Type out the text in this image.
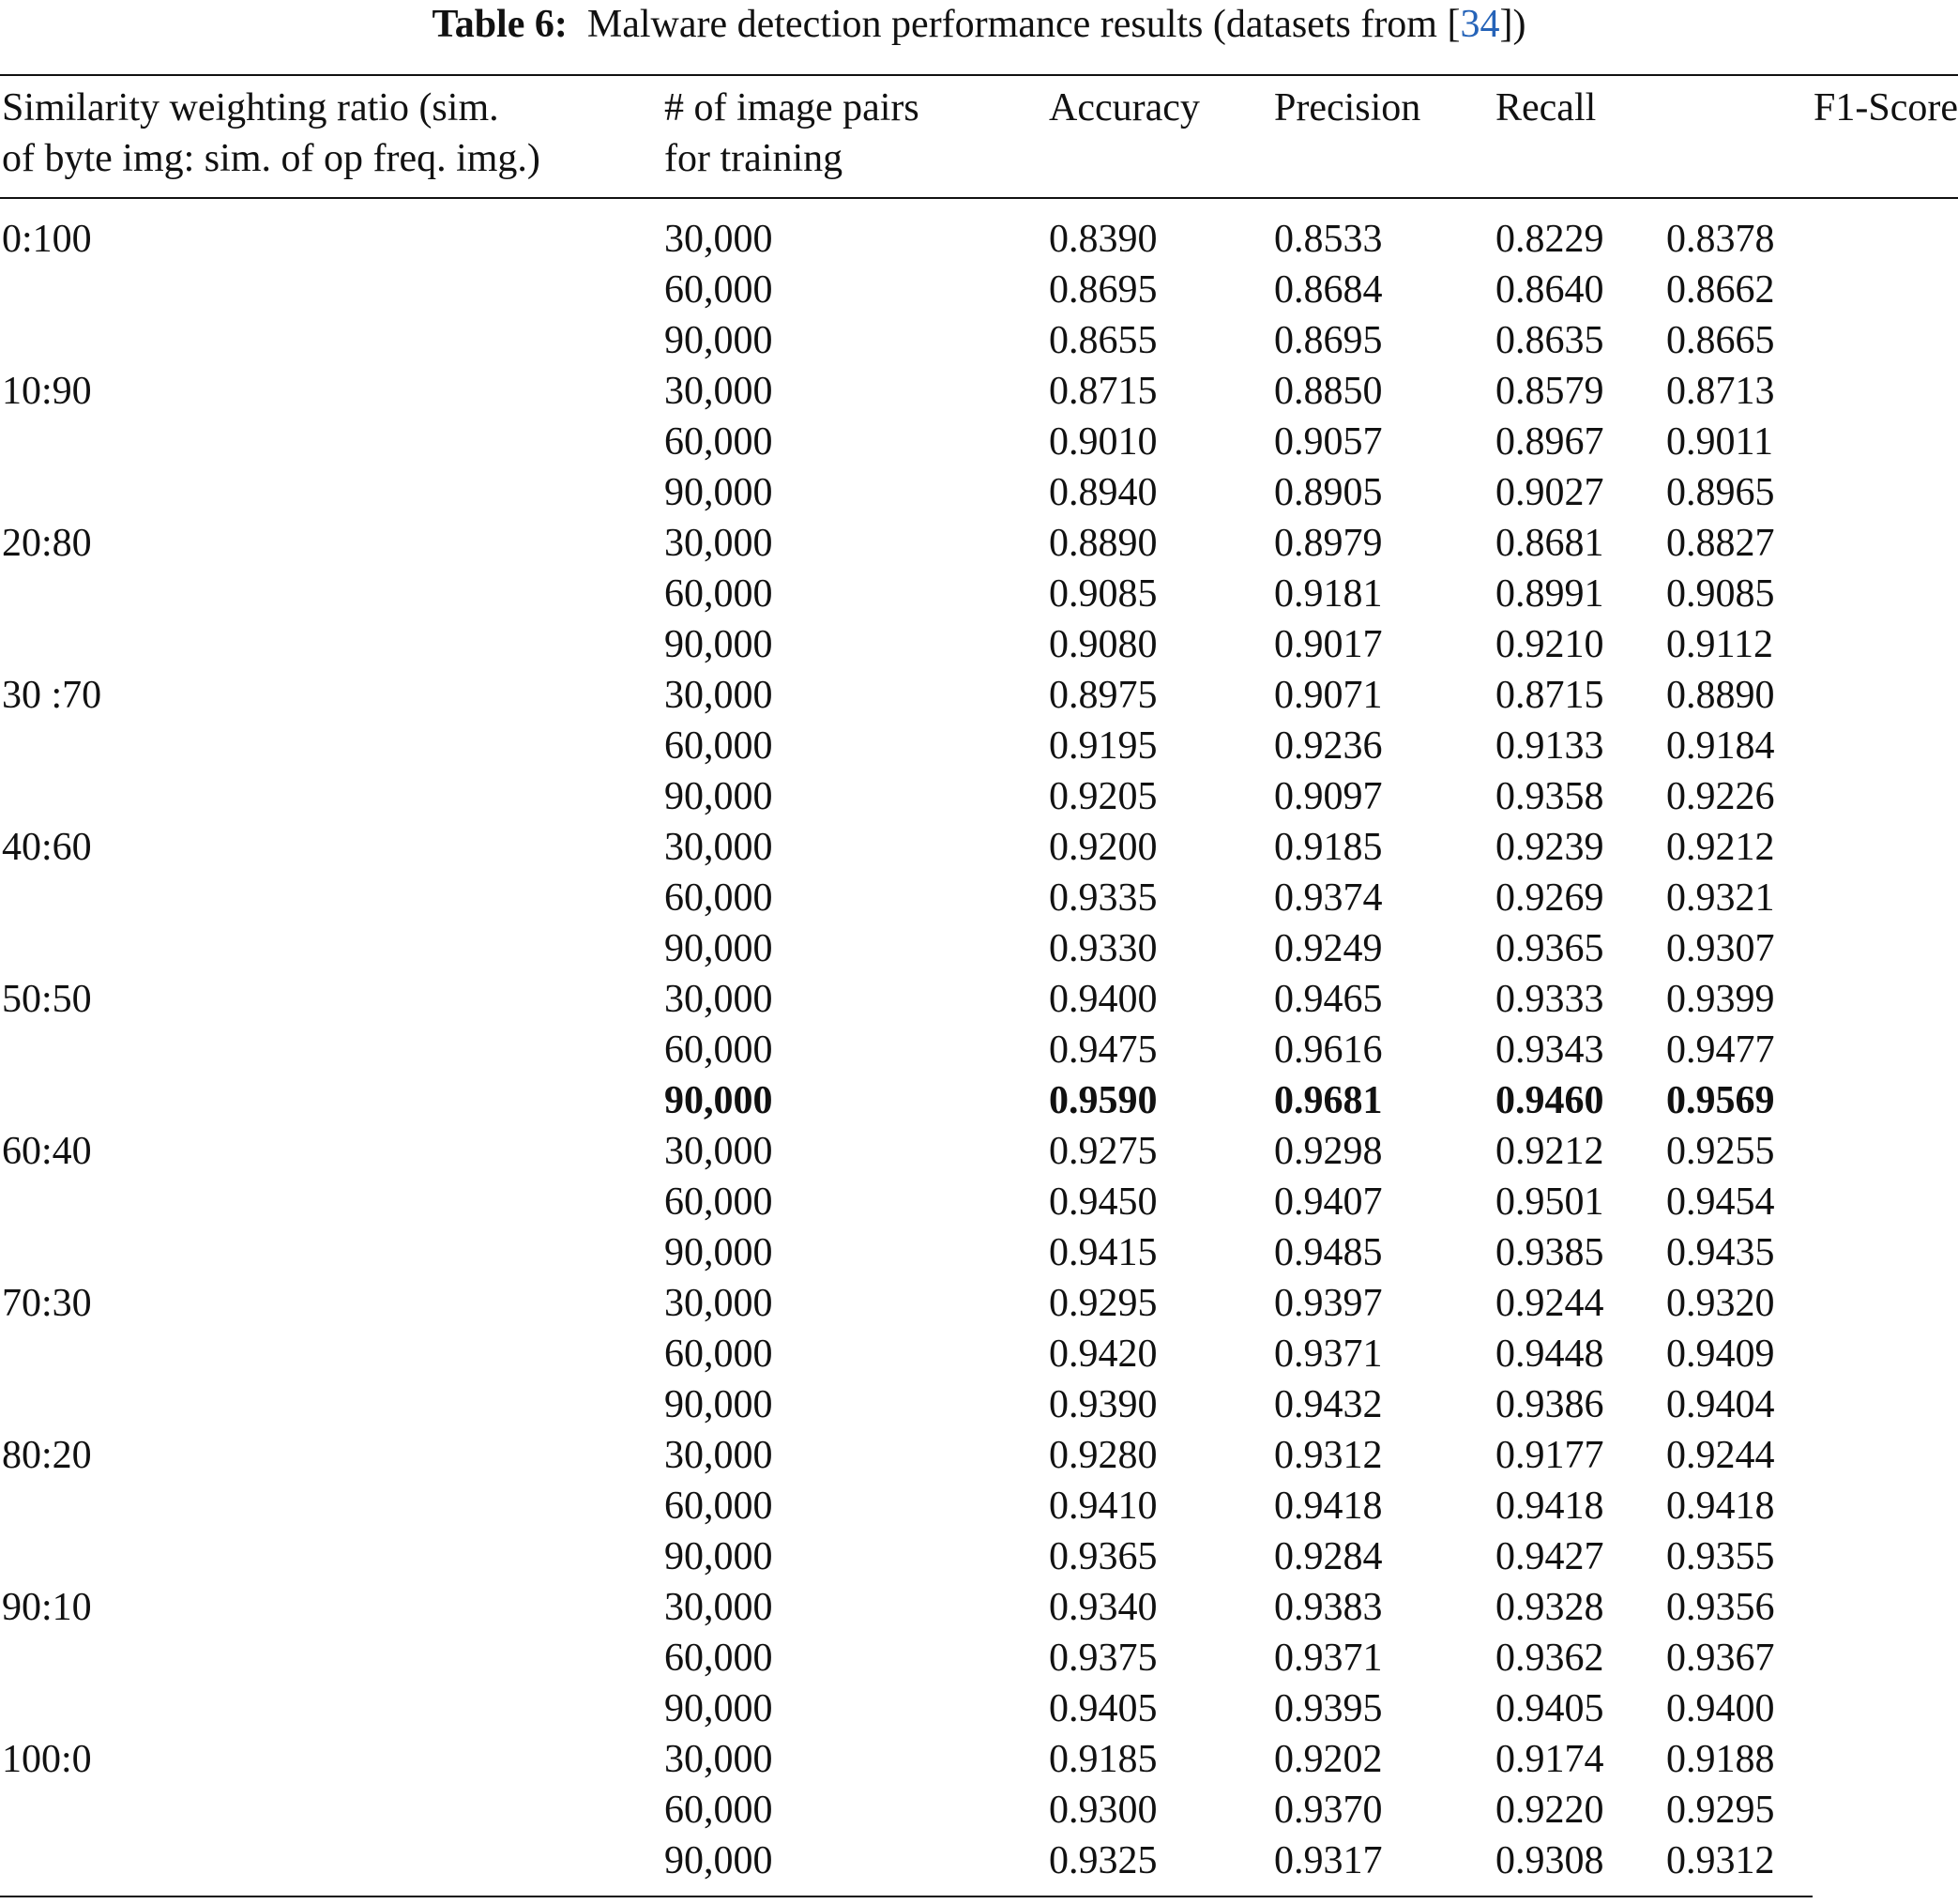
Table 6: Malware detection performance results (datasets from [34])
Similarity weighting ratio (sim.
of byte img: sim. of op freq. img.)
# of image pairs
for training
Accuracy Precision Recall	F1-Score
0:100	30,000	0.8390	0.8533	0.8229 0.8378
60,000	0.8695	0.8684	0.8640 0.8662
90,000	0.8655	0.8695	0.8635 0.8665
10:90	30,000	0.8715	0.8850	0.8579 0.8713
60,000	0.9010	0.9057	0.8967 0.9011
90,000	0.8940	0.8905	0.9027 0.8965
20:80	30,000	0.8890	0.8979	0.8681 0.8827
60,000	0.9085	0.9181	0.8991 0.9085
90,000	0.9080	0.9017	0.9210 0.9112
30 :70	30,000	0.8975	0.9071	0.8715 0.8890
60,000	0.9195	0.9236	0.9133 0.9184
90,000	0.9205	0.9097	0.9358 0.9226
40:60	30,000	0.9200	0.9185	0.9239 0.9212
60,000	0.9335	0.9374	0.9269 0.9321
90,000	0.9330	0.9249	0.9365 0.9307
50:50	30,000	0.9400	0.9465	0.9333 0.9399
60,000	0.9475	0.9616	0.9343 0.9477
90,000	0.9590	0.9681	0.9460 0.9569
60:40	30,000	0.9275	0.9298	0.9212 0.9255
60,000	0.9450	0.9407	0.9501 0.9454
90,000	0.9415	0.9485	0.9385 0.9435
70:30	30,000	0.9295	0.9397	0.9244 0.9320
60,000	0.9420	0.9371	0.9448 0.9409
90,000	0.9390	0.9432	0.9386 0.9404
80:20	30,000	0.9280	0.9312	0.9177 0.9244
60,000	0.9410	0.9418	0.9418 0.9418
90,000	0.9365	0.9284	0.9427 0.9355
90:10	30,000	0.9340	0.9383	0.9328 0.9356
60,000	0.9375	0.9371	0.9362 0.9367
90,000	0.9405	0.9395	0.9405 0.9400
100:0	30,000	0.9185	0.9202	0.9174 0.9188
60,000	0.9300	0.9370	0.9220 0.9295
90,000	0.9325	0.9317	0.9308 0.9312
